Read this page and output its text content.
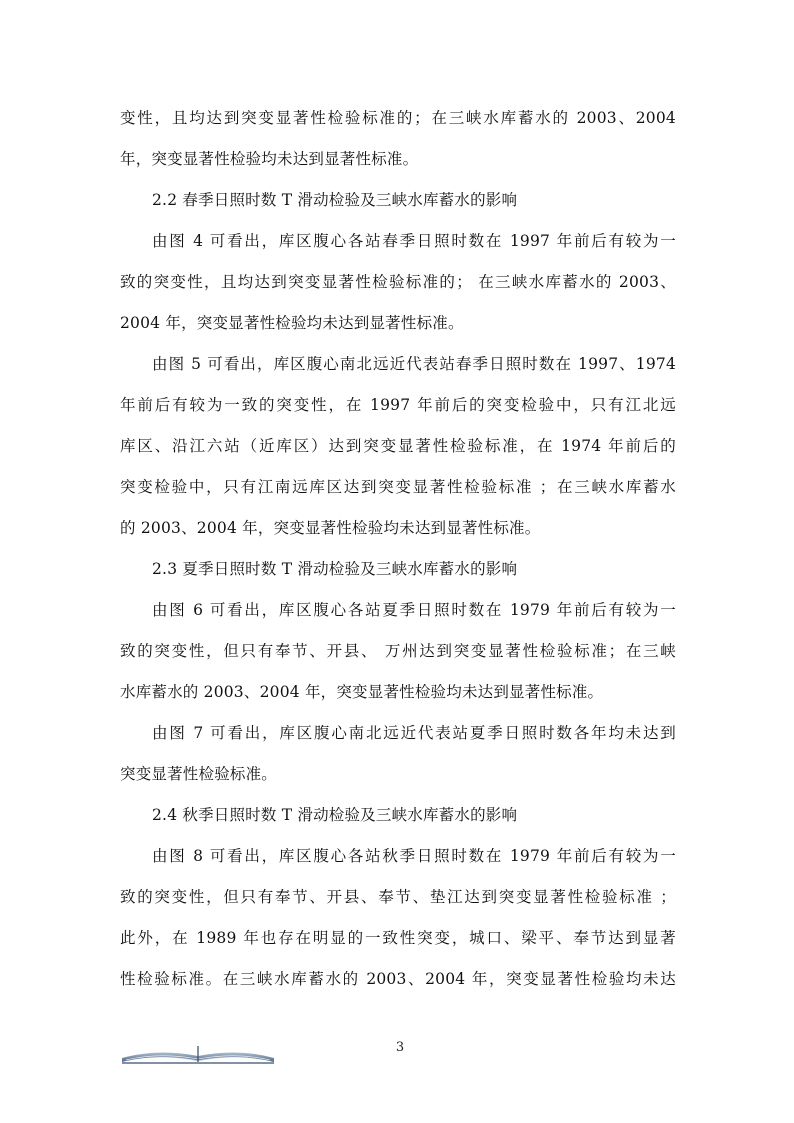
变性，且均达到突变显著性检验标准的；在三峡水库蓄水的 2003、2004
年，突变显著性检验均未达到显著性标准。
2.2 春季日照时数 T 滑动检验及三峡水库蓄水的影响
由图 4 可看出，库区腹心各站春季日照时数在 1997 年前后有较为一
致的突变性，且均达到突变显著性检验标准的； 在三峡水库蓄水的 2003、
2004 年，突变显著性检验均未达到显著性标准。
由图 5 可看出，库区腹心南北远近代表站春季日照时数在 1997、1974
年前后有较为一致的突变性，在 1997 年前后的突变检验中，只有江北远
库区、沿江六站（近库区）达到突变显著性检验标准，在 1974 年前后的
突变检验中，只有江南远库区达到突变显著性检验标准 ；在三峡水库蓄水
的 2003、2004 年，突变显著性检验均未达到显著性标准。
2.3 夏季日照时数 T 滑动检验及三峡水库蓄水的影响
由图 6 可看出，库区腹心各站夏季日照时数在 1979 年前后有较为一
致的突变性，但只有奉节、开县、 万州达到突变显著性检验标准；在三峡
水库蓄水的 2003、2004 年，突变显著性检验均未达到显著性标准。
由图 7 可看出，库区腹心南北远近代表站夏季日照时数各年均未达到
突变显著性检验标准。
2.4 秋季日照时数 T 滑动检验及三峡水库蓄水的影响
由图 8 可看出，库区腹心各站秋季日照时数在 1979 年前后有较为一
致的突变性，但只有奉节、开县、奉节、垫江达到突变显著性检验标准 ；
此外，在 1989 年也存在明显的一致性突变，城口、梁平、奉节达到显著
性检验标准。在三峡水库蓄水的 2003、2004 年，突变显著性检验均未达
3
